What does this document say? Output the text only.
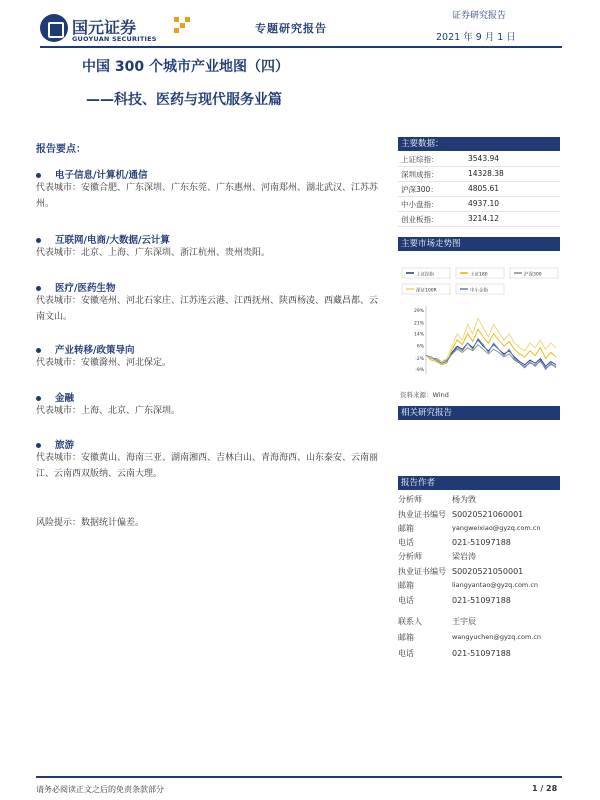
国元证券
GUOYUAN SECURITIES
专题研究报告
证券研究报告
2021 年 9 月 1 日
中国 300 个城市产业地图（四）
——科技、医药与现代服务业篇
报告要点：
电子信息/计算机/通信
代表城市：安徽合肥、广东深圳、广东东莞、广东惠州、河南郑州、湖北武汉、江苏苏州。
互联网/电商/大数据/云计算
代表城市：北京、上海、广东深圳、浙江杭州、贵州贵阳。
医疗/医药生物
代表城市：安徽亳州、河北石家庄、江苏连云港、江西抚州、陕西杨凌、西藏昌都、云南文山。
产业转移/政策导向
代表城市：安徽滁州、河北保定。
金融
代表城市：上海、北京、广东深圳。
旅游
代表城市：安徽黄山、海南三亚、湖南湘西、吉林白山、青海海西、山东泰安、云南丽江、云南西双版纳、云南大理。
风险提示：数据统计偏差。
主要数据：
上证综指：	3543.94
深圳成指：	14328.38
沪深300：	4805.61
中小盘指：	4937.10
创业板指：	3214.12
主要市场走势图
上证综指	上证180	沪深300
深证100R	中小企指
29%
21%
14%
6%
-2%
-9%
资料来源：Wind
相关研究报告
报告作者
分析师	杨为敩
执业证书编号 S0020521060001
邮箱	yangweixiao@gyzq.com.cn
电话	021-51097188
分析师	梁岩涛
执业证书编号 S0020521050001
邮箱	liangyantao@gyzq.com.cn
电话	021-51097188
联系人	王宇辰
邮箱	wangyuchen@gyzq.com.cn
电话	021-51097188
请务必阅读正文之后的免责条款部分	1 / 28
